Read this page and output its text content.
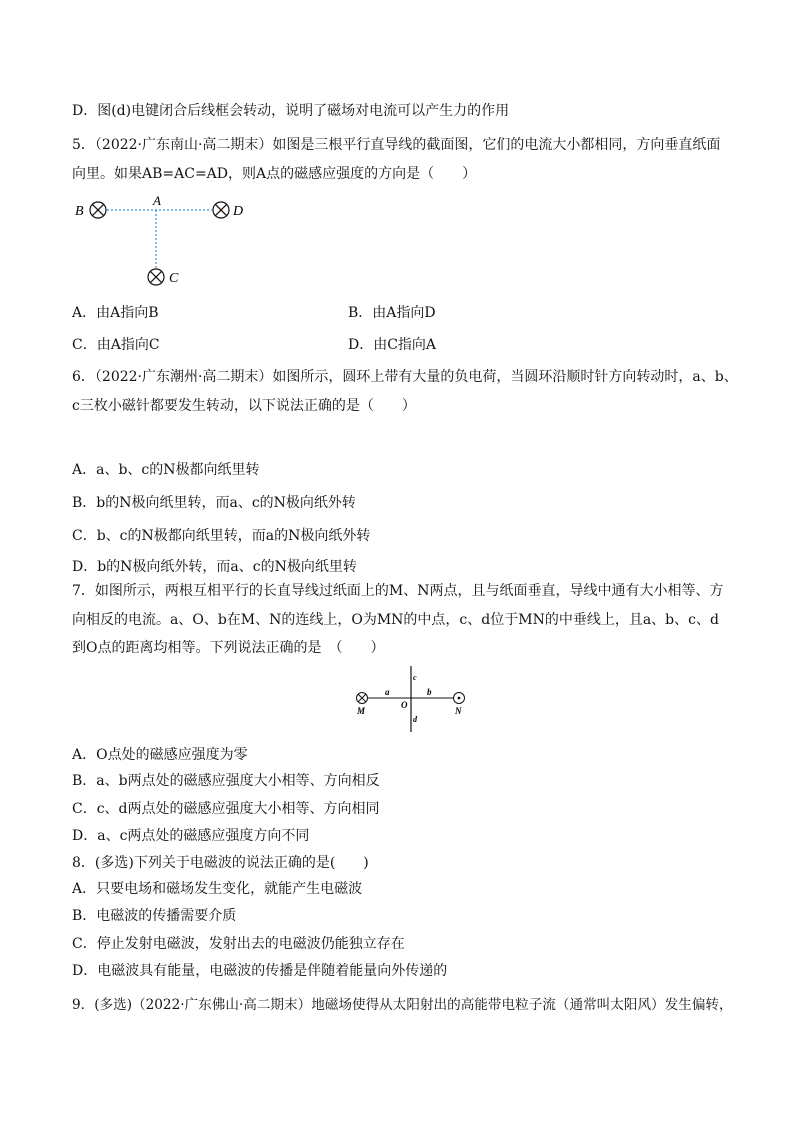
D．图(d)电键闭合后线框会转动，说明了磁场对电流可以产生力的作用
5．（2022·广东南山·高二期末）如图是三根平行直导线的截面图，它们的电流大小都相同，方向垂直纸面
向里。如果AB=AC=AD，则A点的磁感应强度的方向是（　　）
B
A
D
C
A．由A指向B	B．由A指向D
C．由A指向C	D．由C指向A
6．（2022·广东潮州·高二期末）如图所示，圆环上带有大量的负电荷，当圆环沿顺时针方向转动时，a、b、
c三枚小磁针都要发生转动，以下说法正确的是（　　）
A．a、b、c的N极都向纸里转
B．b的N极向纸里转，而a、c的N极向纸外转
C．b、c的N极都向纸里转，而a的N极向纸外转
D．b的N极向纸外转，而a、c的N极向纸里转
7．如图所示，两根互相平行的长直导线过纸面上的M、N两点，且与纸面垂直，导线中通有大小相等、方
向相反的电流。a、O、b在M、N的连线上，O为MN的中点，c、d位于MN的中垂线上，且a、b、c、d
到O点的距离均相等。下列说法正确的是　（　　）
M	N
O
a	b
c
d
A．O点处的磁感应强度为零
B．a、b两点处的磁感应强度大小相等、方向相反
C．c、d两点处的磁感应强度大小相等、方向相同
D．a、c两点处的磁感应强度方向不同
8．(多选)下列关于电磁波的说法正确的是(　　)
A．只要电场和磁场发生变化，就能产生电磁波
B．电磁波的传播需要介质
C．停止发射电磁波，发射出去的电磁波仍能独立存在
D．电磁波具有能量，电磁波的传播是伴随着能量向外传递的
9．(多选)（2022·广东佛山·高二期末）地磁场使得从太阳射出的高能带电粒子流（通常叫太阳风）发生偏转，
